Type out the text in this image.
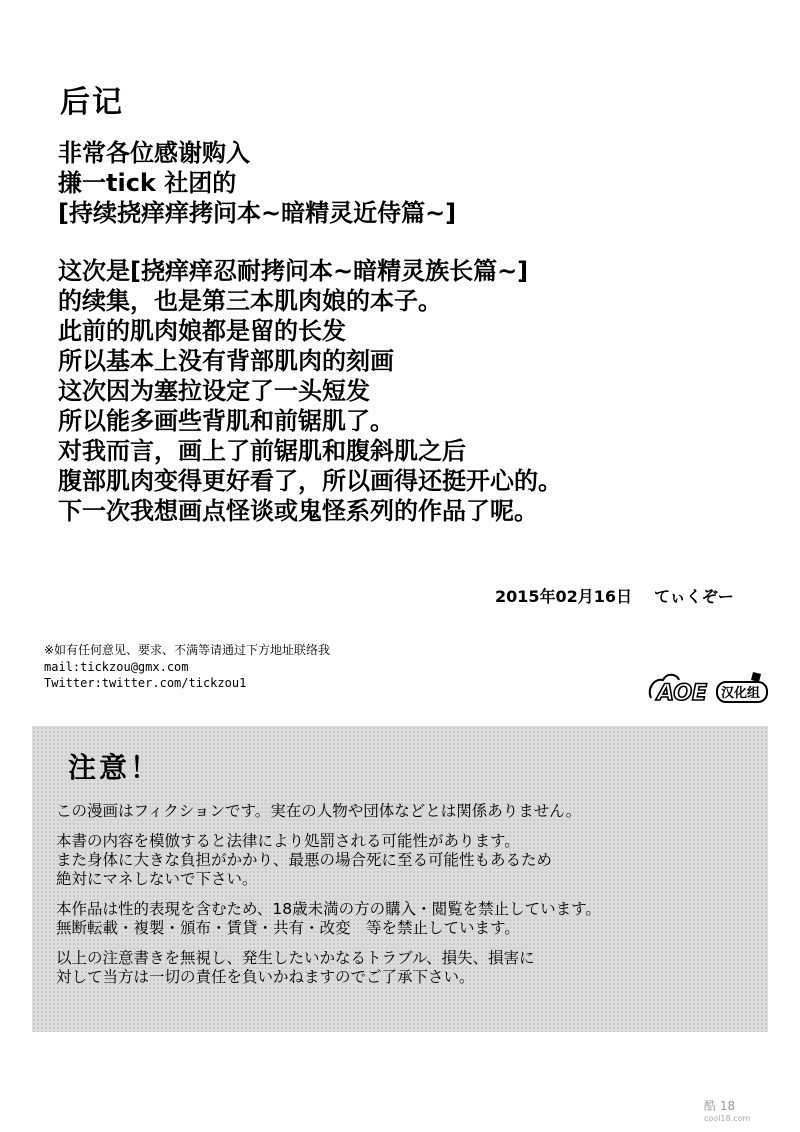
后记
非常各位感谢购入
搛一tick 社团的
[持续挠痒痒拷问本~暗精灵近侍篇~]
这次是[挠痒痒忍耐拷问本~暗精灵族长篇~]
的续集，也是第三本肌肉娘的本子。
此前的肌肉娘都是留的长发
所以基本上没有背部肌肉的刻画
这次因为塞拉设定了一头短发
所以能多画些背肌和前锯肌了。
对我而言，画上了前锯肌和腹斜肌之后
腹部肌肉变得更好看了，所以画得还挺开心的。
下一次我想画点怪谈或鬼怪系列的作品了呢。
2015年02月16日 てぃくぞー
※如有任何意见、要求、不满等请通过下方地址联络我
mail:tickzou@gmx.com
Twitter:twitter.com/tickzou1	AOE 汉化组
注意！
この漫画はフィクションです。実在の人物や団体などとは関係ありません。
本書の内容を模倣すると法律により処罰される可能性があります。
また身体に大きな負担がかかり、最悪の場合死に至る可能性もあるため
絶対にマネしないで下さい。
本作品は性的表現を含むため、18歳未満の方の購入・閲覧を禁止しています。
無断転載・複製・頒布・賃貸・共有・改変　等を禁止しています。
以上の注意書きを無視し、発生したいかなるトラブル、損失、損害に
対して当方は一切の責任を負いかねますのでご了承下さい。
酷 18
cool18.com
